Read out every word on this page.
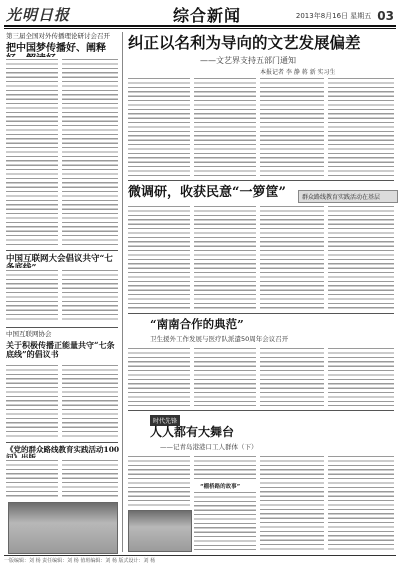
光明日报	综合新闻	2013年8月16日 星期五 03
第三届全国对外传播理论研讨会召开
把中国梦传播好、阐释
中国互联网大会倡议共守“七
中国互联网协会
关于积极传播正能量共守“七条底线”的倡议书
《党的群众路线教育实践活动100
纠正以名利为导向的文艺发展偏差
——文艺界支持五部门通知
本报记者 李 静 蒋 新 实习生
微调研，收获民意“一箩筐”	群众路线教育实践活动在基层
“南南合作的典范”
卫生援外工作发展与医疗队派遣50周年会议召开
时代先锋
人人都有大舞台
——记青岛港港口工人群体（下）
“棚桥路的故事”
一版编辑：刘 杨 责任编辑：刘 杨 值班编辑：刘 杨 版式设计：刘 杨
